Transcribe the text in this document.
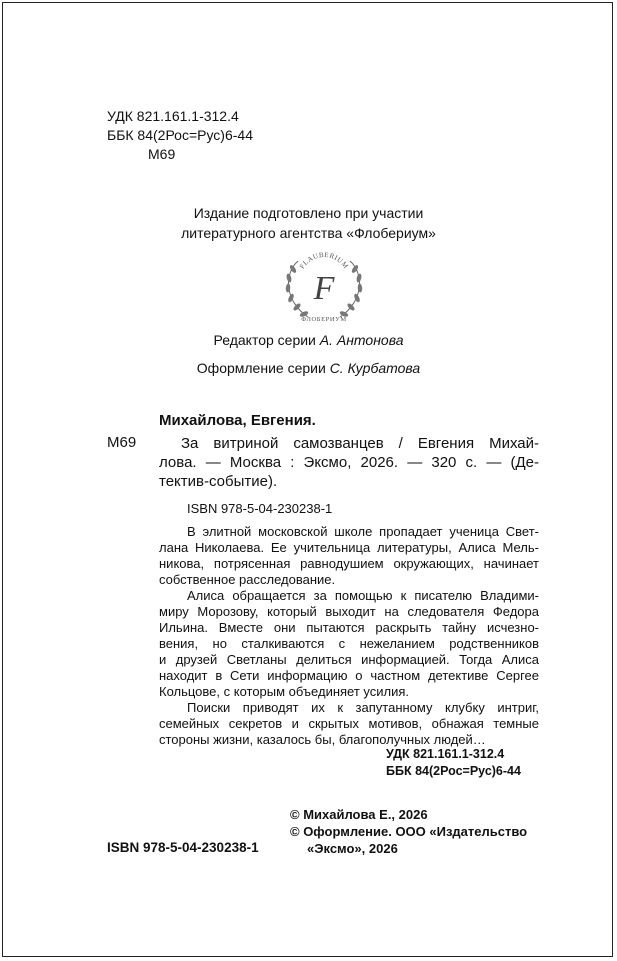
УДК 821.161.1-312.4
ББК 84(2Рос=Рус)6-44
М69
Издание подготовлено при участии
литературного агентства «Флобериум»
FLAUBERIUM
F
ФЛОБЕРИУМ
Редактор серии А. Антонова
Оформление серии С. Курбатова
Михайлова, Евгения.
М69	За витриной самозванцев / Евгения Михай-
лова. — Москва : Эксмо, 2026. — 320 с. — (Де-
тектив-событие).
ISBN 978-5-04-230238-1
В элитной московской школе пропадает ученица Свет-
лана Николаева. Ее учительница литературы, Алиса Мель-
никова, потрясенная равнодушием окружающих, начинает
собственное расследование.
Алиса обращается за помощью к писателю Владими-
миру Морозову, который выходит на следователя Федора
Ильина. Вместе они пытаются раскрыть тайну исчезно-
вения, но сталкиваются с нежеланием родственников
и друзей Светланы делиться информацией. Тогда Алиса
находит в Сети информацию о частном детективе Сергее
Кольцове, с которым объединяет усилия.
Поиски приводят их к запутанному клубку интриг,
семейных секретов и скрытых мотивов, обнажая темные
стороны жизни, казалось бы, благополучных людей…
УДК 821.161.1-312.4
ББК 84(2Рос=Рус)6-44
© Михайлова Е., 2026
© Оформление. ООО «Издательство
«Эксмо», 2026
ISBN 978-5-04-230238-1
